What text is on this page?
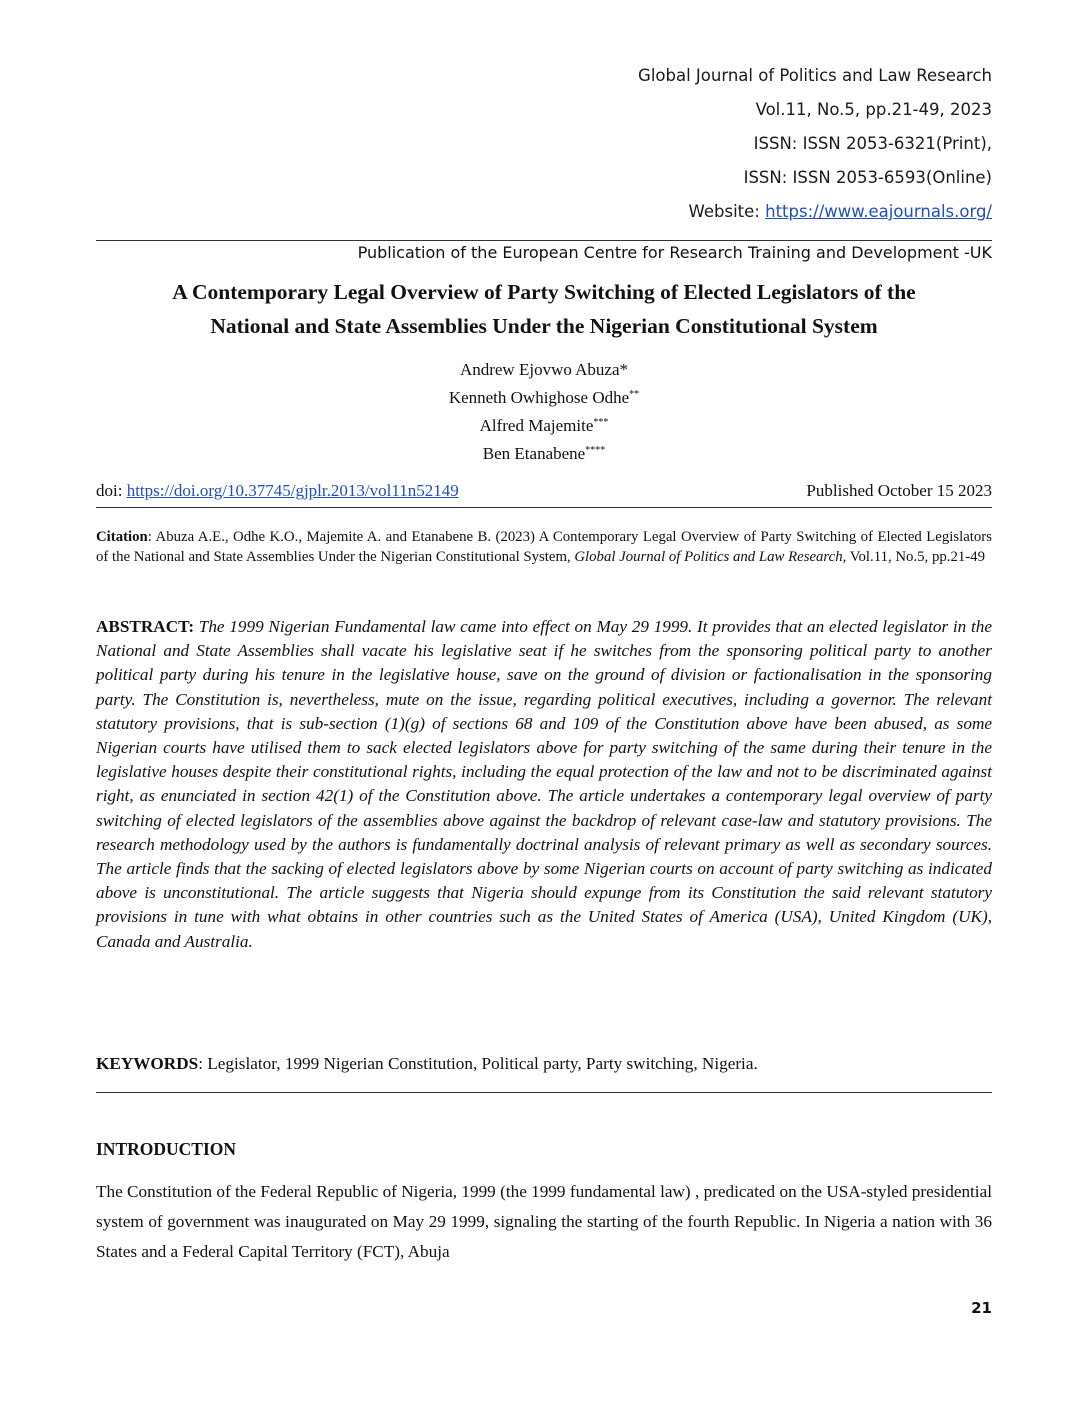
Global Journal of Politics and Law Research
Vol.11, No.5, pp.21-49, 2023
ISSN: ISSN 2053-6321(Print),
ISSN: ISSN 2053-6593(Online)
Website: https://www.eajournals.org/
Publication of the European Centre for Research Training and Development -UK
A Contemporary Legal Overview of Party Switching of Elected Legislators of the
National and State Assemblies Under the Nigerian Constitutional System
Andrew Ejovwo Abuza*
Kenneth Owhighose Odhe**
Alfred Majemite***
Ben Etanabene****
doi: https://doi.org/10.37745/gjplr.2013/vol11n52149	Published October 15 2023
Citation: Abuza A.E., Odhe K.O., Majemite A. and Etanabene B. (2023) A Contemporary Legal Overview of Party Switching of Elected Legislators of the National and State Assemblies Under the Nigerian Constitutional System, Global Journal of Politics and Law Research, Vol.11, No.5, pp.21-49
ABSTRACT: The 1999 Nigerian Fundamental law came into effect on May 29 1999. It provides that an elected legislator in the National and State Assemblies shall vacate his legislative seat if he switches from the sponsoring political party to another political party during his tenure in the legislative house, save on the ground of division or factionalisation in the sponsoring party. The Constitution is, nevertheless, mute on the issue, regarding political executives, including a governor. The relevant statutory provisions, that is sub-section (1)(g) of sections 68 and 109 of the Constitution above have been abused, as some Nigerian courts have utilised them to sack elected legislators above for party switching of the same during their tenure in the legislative houses despite their constitutional rights, including the equal protection of the law and not to be discriminated against right, as enunciated in section 42(1) of the Constitution above. The article undertakes a contemporary legal overview of party switching of elected legislators of the assemblies above against the backdrop of relevant case-law and statutory provisions. The research methodology used by the authors is fundamentally doctrinal analysis of relevant primary as well as secondary sources. The article finds that the sacking of elected legislators above by some Nigerian courts on account of party switching as indicated above is unconstitutional. The article suggests that Nigeria should expunge from its Constitution the said relevant statutory provisions in tune with what obtains in other countries such as the United States of America (USA), United Kingdom (UK), Canada and Australia.
KEYWORDS: Legislator, 1999 Nigerian Constitution, Political party, Party switching, Nigeria.
INTRODUCTION
The Constitution of the Federal Republic of Nigeria, 1999 (the 1999 fundamental law) , predicated on the USA-styled presidential system of government was inaugurated on May 29 1999, signaling the starting of the fourth Republic. In Nigeria a nation with 36 States and a Federal Capital Territory (FCT), Abuja
21
